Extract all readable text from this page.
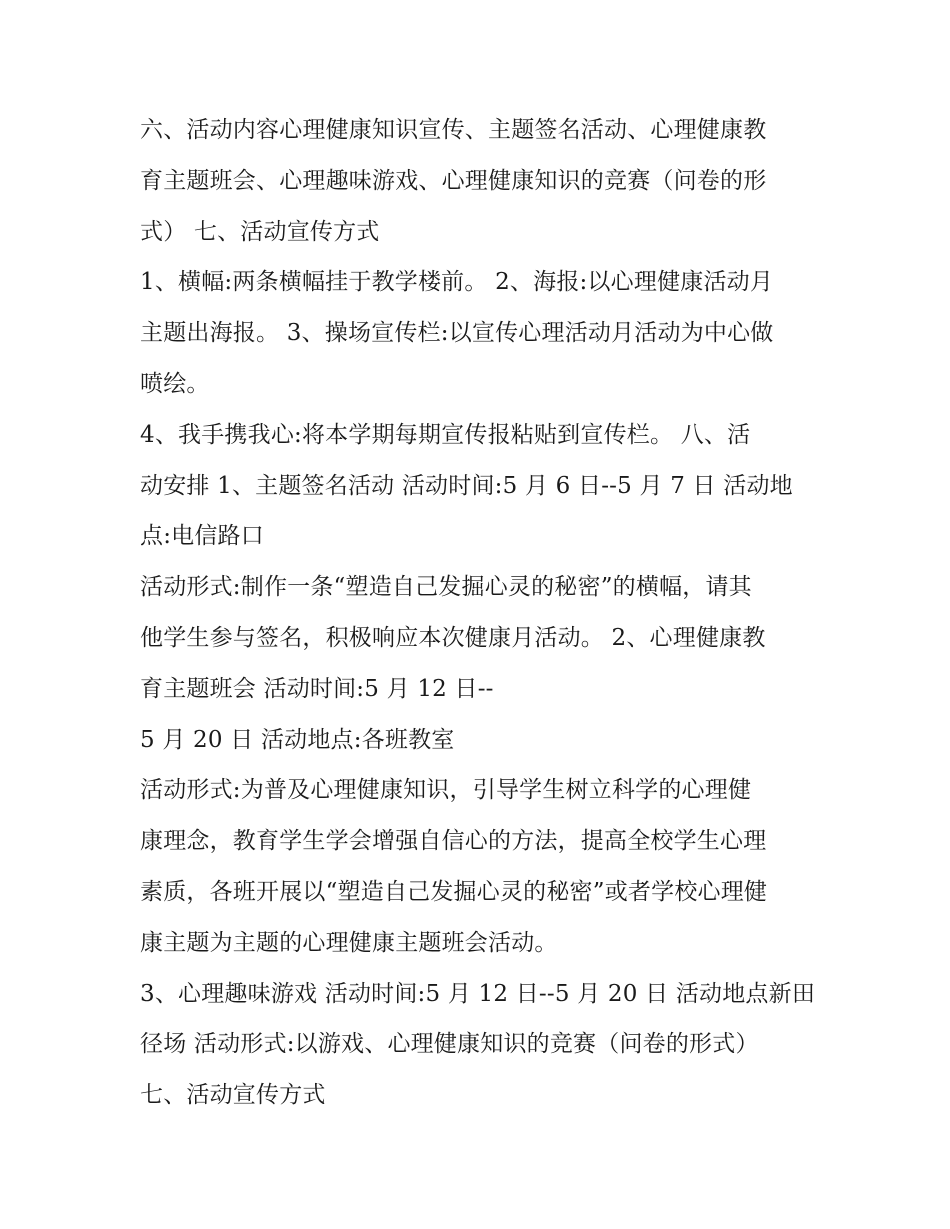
六、活动内容心理健康知识宣传、主题签名活动、心理健康教
育主题班会、心理趣味游戏、心理健康知识的竞赛（问卷的形
式） 七、活动宣传方式
1、横幅:两条横幅挂于教学楼前。 2、海报:以心理健康活动月
主题出海报。 3、操场宣传栏:以宣传心理活动月活动为中心做
喷绘。
4、我手携我心:将本学期每期宣传报粘贴到宣传栏。 八、活
动安排 1、主题签名活动 活动时间:5 月 6 日--5 月 7 日 活动地
点:电信路口
活动形式:制作一条“塑造自己发掘心灵的秘密”的横幅，请其
他学生参与签名，积极响应本次健康月活动。 2、心理健康教
育主题班会 活动时间:5 月 12 日--
5 月 20 日 活动地点:各班教室
活动形式:为普及心理健康知识，引导学生树立科学的心理健
康理念，教育学生学会增强自信心的方法，提高全校学生心理
素质，各班开展以“塑造自己发掘心灵的秘密”或者学校心理健
康主题为主题的心理健康主题班会活动。
3、心理趣味游戏 活动时间:5 月 12 日--5 月 20 日 活动地点新田
径场 活动形式:以游戏、心理健康知识的竞赛（问卷的形式）
七、活动宣传方式
